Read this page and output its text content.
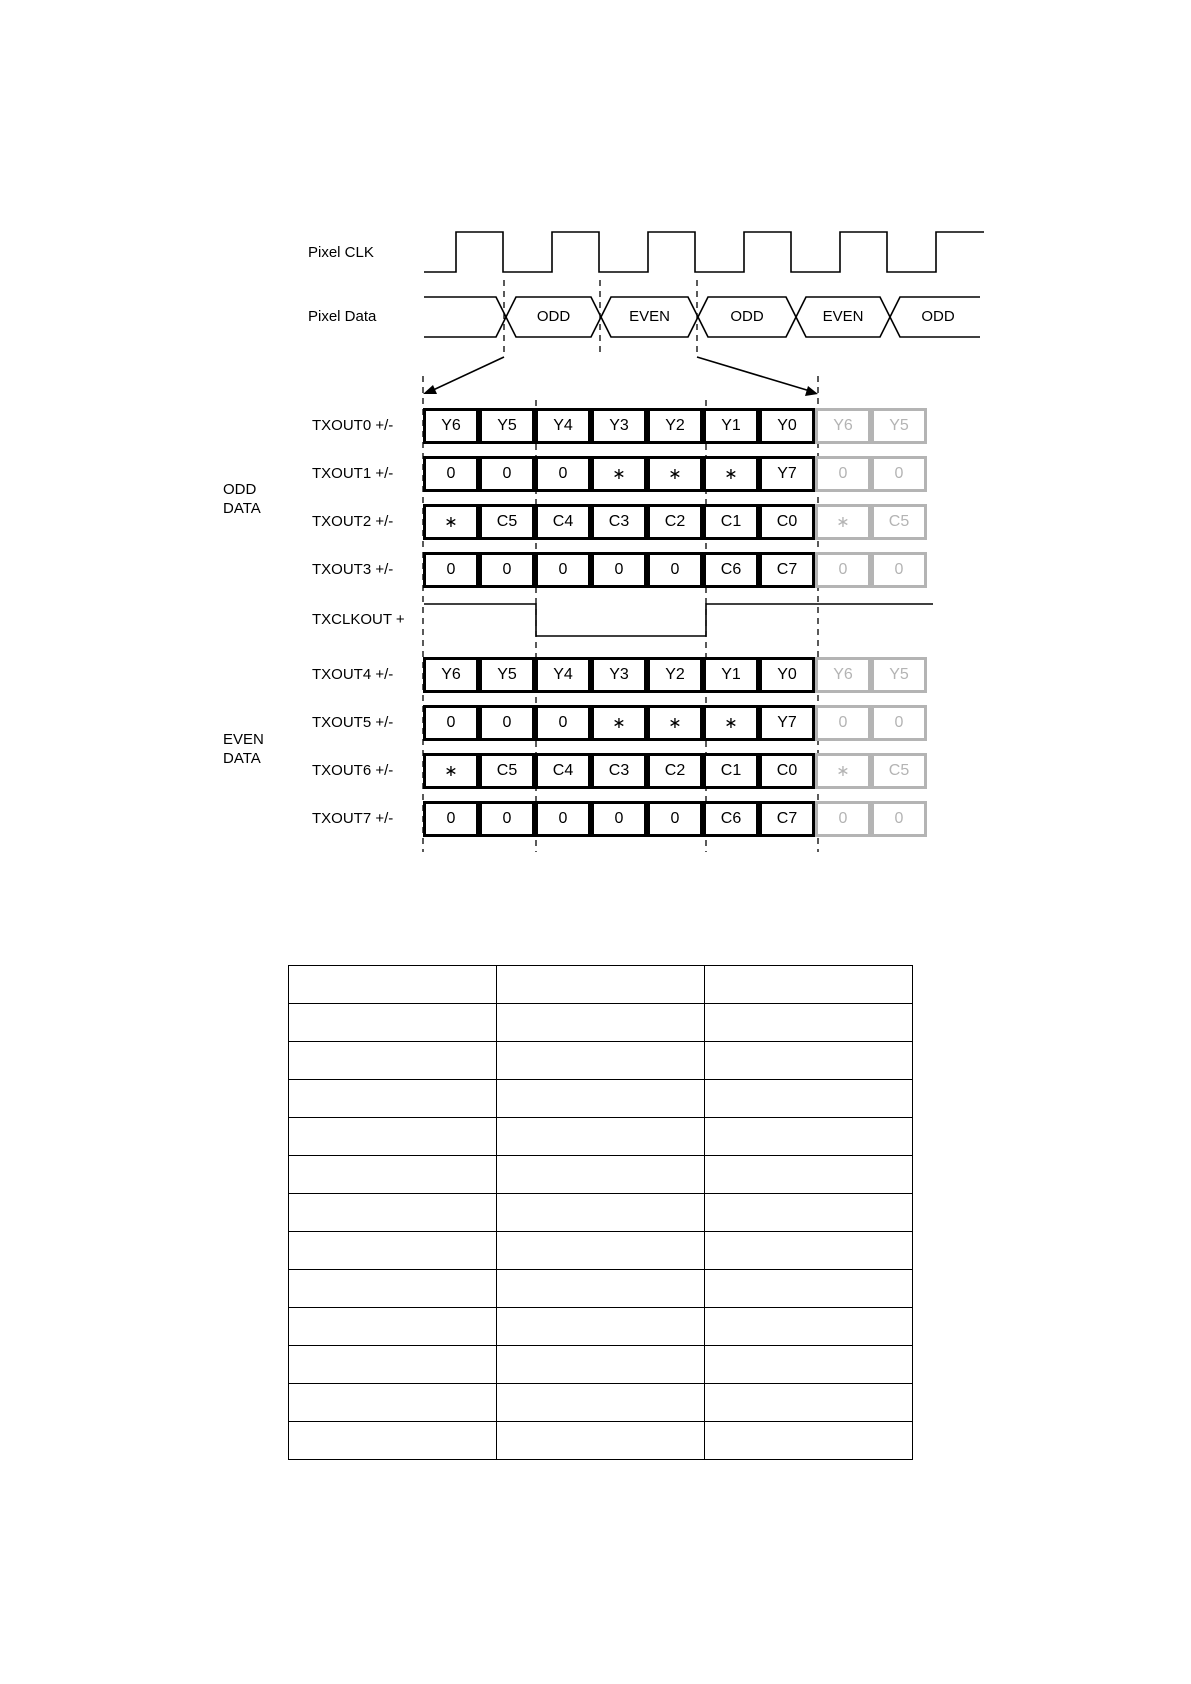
Pixel CLK
Pixel Data	ODD	EVEN	ODD	EVEN	ODD
ODD
DATA
EVEN
DATA
TXCLKOUT +
TXOUT0 +/-	Y6	Y5	Y4	Y3	Y2	Y1	Y0	Y6	Y5
TXOUT1 +/-	0	0	0	∗	∗	∗	Y7	0	0
TXOUT2 +/-	∗	C5	C4	C3	C2	C1	C0	∗	C5
TXOUT3 +/-	0	0	0	0	0	C6	C7	0	0
TXOUT4 +/-	Y6	Y5	Y4	Y3	Y2	Y1	Y0	Y6	Y5
TXOUT5 +/-	0	0	0	∗	∗	∗	Y7	0	0
TXOUT6 +/-	∗	C5	C4	C3	C2	C1	C0	∗	C5
TXOUT7 +/-	0	0	0	0	0	C6	C7	0	0
